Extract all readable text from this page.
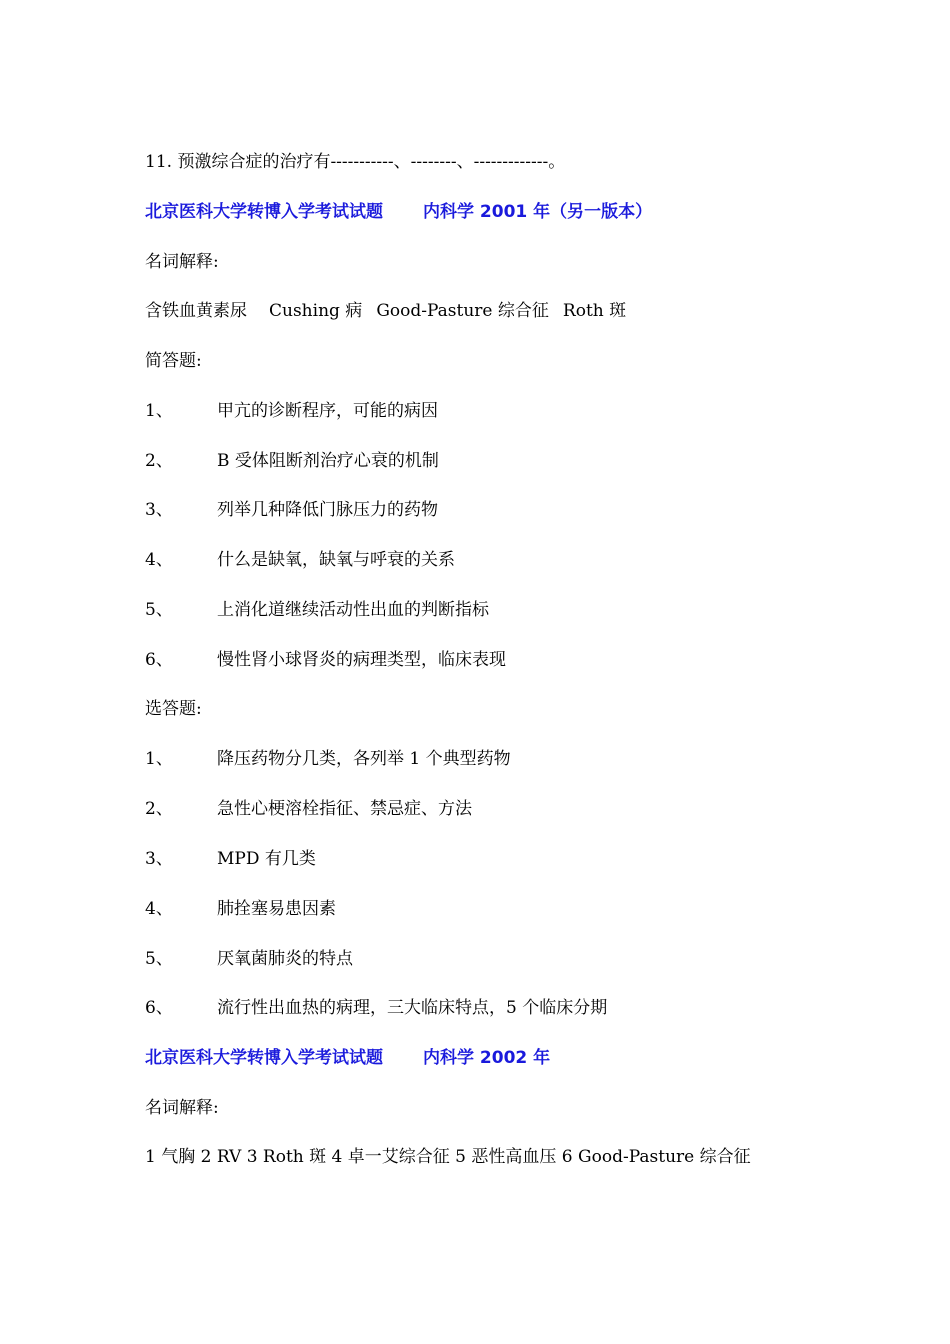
11. 预激综合症的治疗有-----------、--------、-------------。
北京医科大学转博入学考试试题 内科学 2001 年（另一版本）
名词解释:
含铁血黄素尿 Cushing 病 Good-Pasture 综合征 Roth 斑
简答题:
1、	甲亢的诊断程序，可能的病因
2、	B 受体阻断剂治疗心衰的机制
3、	列举几种降低门脉压力的药物
4、	什么是缺氧，缺氧与呼衰的关系
5、	上消化道继续活动性出血的判断指标
6、	慢性肾小球肾炎的病理类型，临床表现
选答题:
1、	降压药物分几类，各列举 1 个典型药物
2、	急性心梗溶栓指征、禁忌症、方法
3、	MPD 有几类
4、	肺拴塞易患因素
5、	厌氧菌肺炎的特点
6、	流行性出血热的病理，三大临床特点，5 个临床分期
北京医科大学转博入学考试试题 内科学 2002 年
名词解释:
1 气胸 2 RV 3 Roth 斑 4 卓一艾综合征 5 恶性高血压 6 Good-Pasture 综合征
